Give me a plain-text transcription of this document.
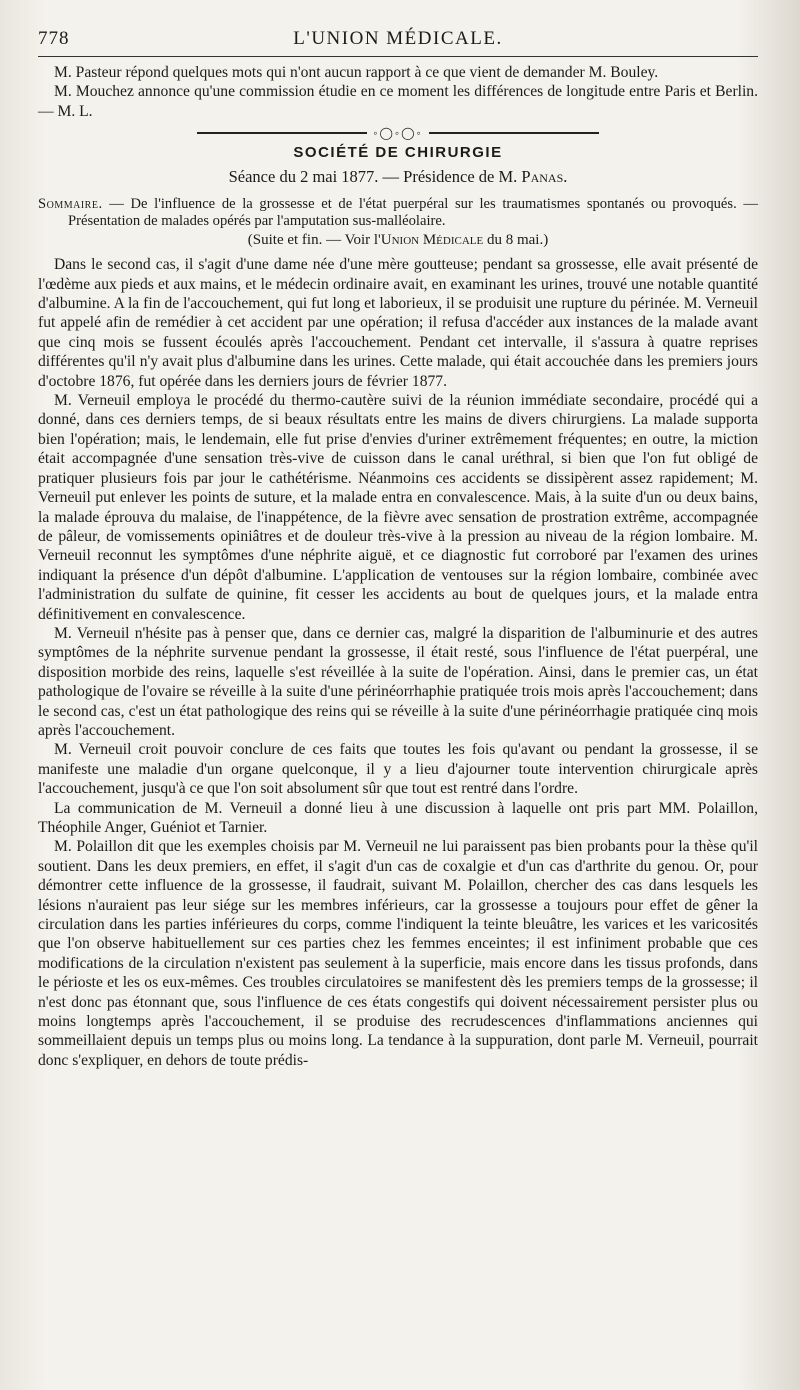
778	L'UNION MÉDICALE.

M. Pasteur répond quelques mots qui n'ont aucun rapport à ce que vient de demander M. Bouley.

M. Mouchez annonce qu'une commission étudie en ce moment les différences de longitude entre Paris et Berlin. — M. L.

◦◯◦◯◦
SOCIÉTÉ DE CHIRURGIE
Séance du 2 mai 1877. — Présidence de M. Panas.

Sommaire. — De l'influence de la grossesse et de l'état puerpéral sur les traumatismes spontanés ou provoqués. — Présentation de malades opérés par l'amputation sus-malléolaire.

(Suite et fin. — Voir l'Union Médicale du 8 mai.)

Dans le second cas, il s'agit d'une dame née d'une mère goutteuse; pendant sa grossesse, elle avait présenté de l'œdème aux pieds et aux mains, et le médecin ordinaire avait, en examinant les urines, trouvé une notable quantité d'albumine. A la fin de l'accouchement, qui fut long et laborieux, il se produisit une rupture du périnée. M. Verneuil fut appelé afin de remédier à cet accident par une opération; il refusa d'accéder aux instances de la malade avant que cinq mois se fussent écoulés après l'accouchement. Pendant cet intervalle, il s'assura à quatre reprises différentes qu'il n'y avait plus d'albumine dans les urines. Cette malade, qui était accouchée dans les premiers jours d'octobre 1876, fut opérée dans les derniers jours de février 1877.

M. Verneuil employa le procédé du thermo-cautère suivi de la réunion immédiate secondaire, procédé qui a donné, dans ces derniers temps, de si beaux résultats entre les mains de divers chirurgiens. La malade supporta bien l'opération; mais, le lendemain, elle fut prise d'envies d'uriner extrêmement fréquentes; en outre, la miction était accompagnée d'une sensation très-vive de cuisson dans le canal uréthral, si bien que l'on fut obligé de pratiquer plusieurs fois par jour le cathétérisme. Néanmoins ces accidents se dissipèrent assez rapidement; M. Verneuil put enlever les points de suture, et la malade entra en convalescence. Mais, à la suite d'un ou deux bains, la malade éprouva du malaise, de l'inappétence, de la fièvre avec sensation de prostration extrême, accompagnée de pâleur, de vomissements opiniâtres et de douleur très-vive à la pression au niveau de la région lombaire. M. Verneuil reconnut les symptômes d'une néphrite aiguë, et ce diagnostic fut corroboré par l'examen des urines indiquant la présence d'un dépôt d'albumine. L'application de ventouses sur la région lombaire, combinée avec l'administration du sulfate de quinine, fit cesser les accidents au bout de quelques jours, et la malade entra définitivement en convalescence.

M. Verneuil n'hésite pas à penser que, dans ce dernier cas, malgré la disparition de l'albuminurie et des autres symptômes de la néphrite survenue pendant la grossesse, il était resté, sous l'influence de l'état puerpéral, une disposition morbide des reins, laquelle s'est réveillée à la suite de l'opération. Ainsi, dans le premier cas, un état pathologique de l'ovaire se réveille à la suite d'une périnéorrhaphie pratiquée trois mois après l'accouchement; dans le second cas, c'est un état pathologique des reins qui se réveille à la suite d'une périnéorrhagie pratiquée cinq mois après l'accouchement.

M. Verneuil croit pouvoir conclure de ces faits que toutes les fois qu'avant ou pendant la grossesse, il se manifeste une maladie d'un organe quelconque, il y a lieu d'ajourner toute intervention chirurgicale après l'accouchement, jusqu'à ce que l'on soit absolument sûr que tout est rentré dans l'ordre.

La communication de M. Verneuil a donné lieu à une discussion à laquelle ont pris part MM. Polaillon, Théophile Anger, Guéniot et Tarnier.

M. Polaillon dit que les exemples choisis par M. Verneuil ne lui paraissent pas bien probants pour la thèse qu'il soutient. Dans les deux premiers, en effet, il s'agit d'un cas de coxalgie et d'un cas d'arthrite du genou. Or, pour démontrer cette influence de la grossesse, il faudrait, suivant M. Polaillon, chercher des cas dans lesquels les lésions n'auraient pas leur siége sur les membres inférieurs, car la grossesse a toujours pour effet de gêner la circulation dans les parties inférieures du corps, comme l'indiquent la teinte bleuâtre, les varices et les varicosités que l'on observe habituellement sur ces parties chez les femmes enceintes; il est infiniment probable que ces modifications de la circulation n'existent pas seulement à la superficie, mais encore dans les tissus profonds, dans le périoste et les os eux-mêmes. Ces troubles circulatoires se manifestent dès les premiers temps de la grossesse; il n'est donc pas étonnant que, sous l'influence de ces états congestifs qui doivent nécessairement persister plus ou moins longtemps après l'accouchement, il se produise des recrudescences d'inflammations anciennes qui sommeillaient depuis un temps plus ou moins long. La tendance à la suppuration, dont parle M. Verneuil, pourrait donc s'expliquer, en dehors de toute prédis-
